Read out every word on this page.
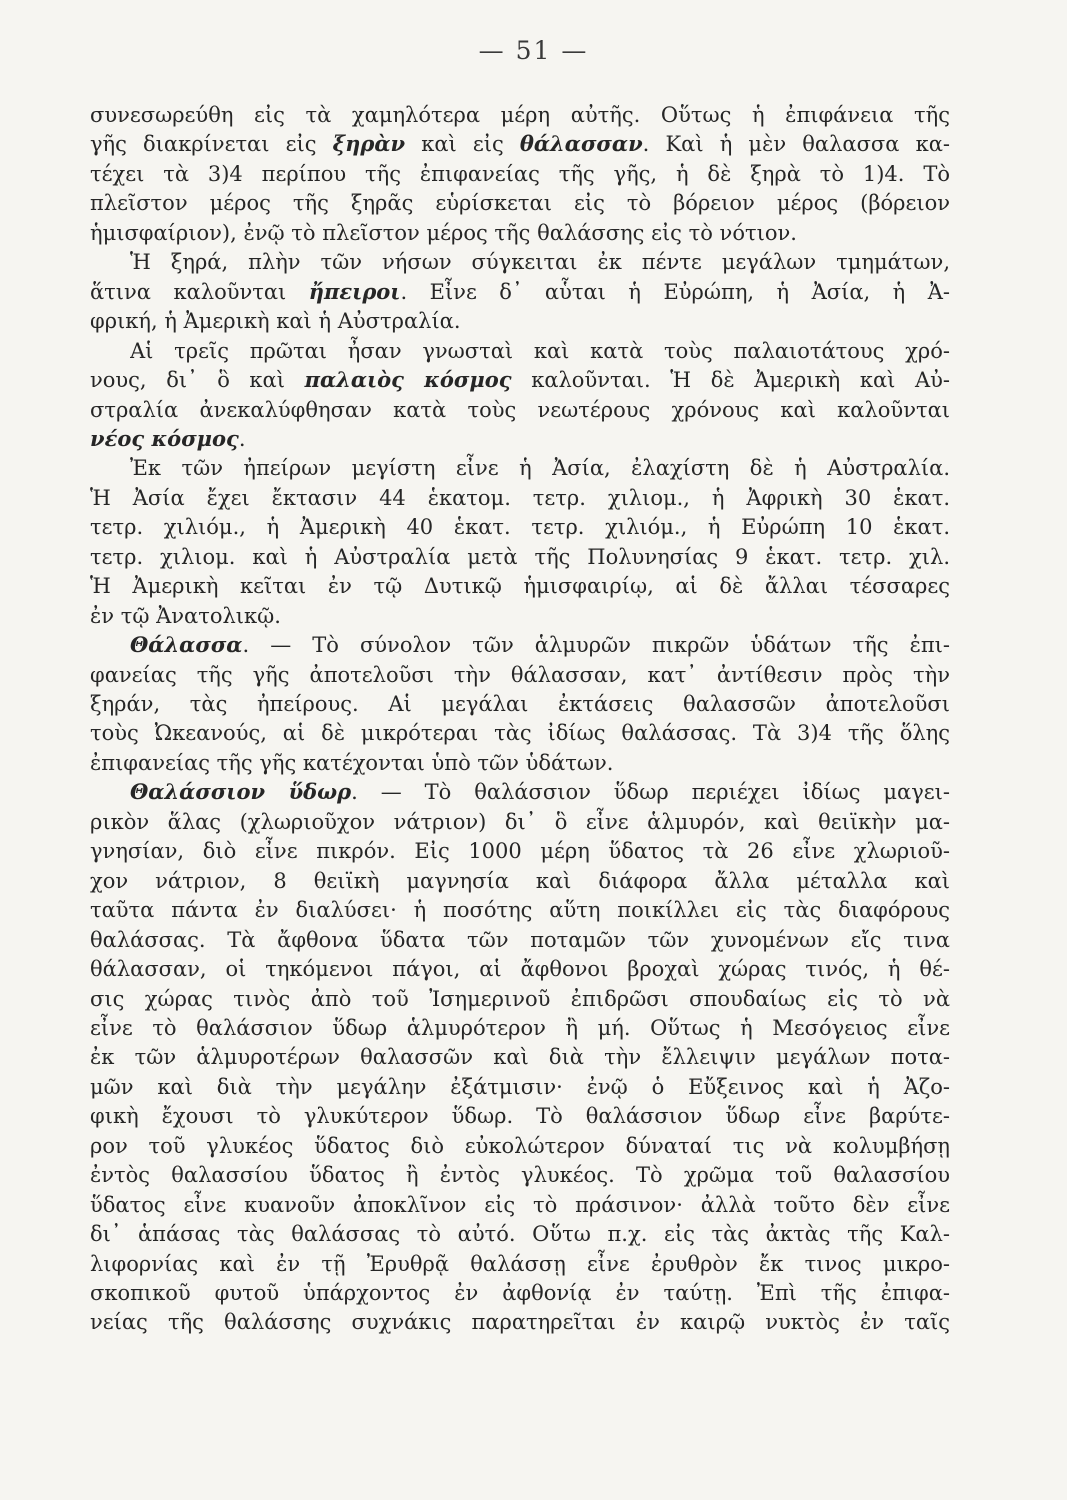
— 51 —
συνεσωρεύθη εἰς τὰ χαμηλότερα μέρη αὐτῆς. Οὕτως ἡ ἐπιφάνεια τῆς
γῆς διακρίνεται εἰς ξηρὰν καὶ εἰς θάλασσαν. Καὶ ἡ μὲν θαλασσα κα-
τέχει τὰ 3)4 περίπου τῆς ἐπιφανείας τῆς γῆς, ἡ δὲ ξηρὰ τὸ 1)4. Τὸ
πλεῖστον μέρος τῆς ξηρᾶς εὑρίσκεται εἰς τὸ βόρειον μέρος (βόρειον
ἡμισφαίριον), ἐνῷ τὸ πλεῖστον μέρος τῆς θαλάσσης εἰς τὸ νότιον.
Ἡ ξηρά, πλὴν τῶν νήσων σύγκειται ἐκ πέντε μεγάλων τμημάτων,
ἅτινα καλοῦνται ἤπειροι. Εἶνε δ᾽ αὗται ἡ Εὐρώπη, ἡ Ἀσία, ἡ Ἀ-
φρική, ἡ Ἀμερικὴ καὶ ἡ Αὐστραλία.
Αἱ τρεῖς πρῶται ἦσαν γνωσταὶ καὶ κατὰ τοὺς παλαιοτάτους χρό-
νους, δι᾽ ὃ καὶ παλαιὸς κόσμος καλοῦνται. Ἡ δὲ Ἀμερικὴ καὶ Αὐ-
στραλία ἀνεκαλύφθησαν κατὰ τοὺς νεωτέρους χρόνους καὶ καλοῦνται
νέος κόσμος.
Ἐκ τῶν ἠπείρων μεγίστη εἶνε ἡ Ἀσία, ἐλαχίστη δὲ ἡ Αὐστραλία.
Ἡ Ἀσία ἔχει ἔκτασιν 44 ἑκατομ. τετρ. χιλιομ., ἡ Ἀφρικὴ 30 ἑκατ.
τετρ. χιλιόμ., ἡ Ἀμερικὴ 40 ἑκατ. τετρ. χιλιόμ., ἡ Εὐρώπη 10 ἑκατ.
τετρ. χιλιομ. καὶ ἡ Αὐστραλία μετὰ τῆς Πολυνησίας 9 ἑκατ. τετρ. χιλ.
Ἡ Ἀμερικὴ κεῖται ἐν τῷ Δυτικῷ ἡμισφαιρίῳ, αἱ δὲ ἄλλαι τέσσαρες
ἐν τῷ Ἀνατολικῷ.
Θάλασσα. — Τὸ σύνολον τῶν ἁλμυρῶν πικρῶν ὑδάτων τῆς ἐπι-
φανείας τῆς γῆς ἀποτελοῦσι τὴν θάλασσαν, κατ᾽ ἀντίθεσιν πρὸς τὴν
ξηράν, τὰς ἠπείρους. Αἱ μεγάλαι ἐκτάσεις θαλασσῶν ἀποτελοῦσι
τοὺς Ὠκεανούς, αἱ δὲ μικρότεραι τὰς ἰδίως θαλάσσας. Τὰ 3)4 τῆς ὅλης
ἐπιφανείας τῆς γῆς κατέχονται ὑπὸ τῶν ὑδάτων.
Θαλάσσιον ὕδωρ. — Τὸ θαλάσσιον ὕδωρ περιέχει ἰδίως μαγει-
ρικὸν ἅλας (χλωριοῦχον νάτριον) δι᾽ ὃ εἶνε ἁλμυρόν, καὶ θειϊκὴν μα-
γνησίαν, διὸ εἶνε πικρόν. Εἰς 1000 μέρη ὕδατος τὰ 26 εἶνε χλωριοῦ-
χον νάτριον, 8 θειϊκὴ μαγνησία καὶ διάφορα ἄλλα μέταλλα καὶ
ταῦτα πάντα ἐν διαλύσει· ἡ ποσότης αὕτη ποικίλλει εἰς τὰς διαφόρους
θαλάσσας. Τὰ ἄφθονα ὕδατα τῶν ποταμῶν τῶν χυνομένων εἴς τινα
θάλασσαν, οἱ τηκόμενοι πάγοι, αἱ ἄφθονοι βροχαὶ χώρας τινός, ἡ θέ-
σις χώρας τινὸς ἀπὸ τοῦ Ἰσημερινοῦ ἐπιδρῶσι σπουδαίως εἰς τὸ νὰ
εἶνε τὸ θαλάσσιον ὕδωρ ἁλμυρότερον ἢ μή. Οὕτως ἡ Μεσόγειος εἶνε
ἐκ τῶν ἁλμυροτέρων θαλασσῶν καὶ διὰ τὴν ἔλλειψιν μεγάλων ποτα-
μῶν καὶ διὰ τὴν μεγάλην ἐξάτμισιν· ἐνῷ ὁ Εὔξεινος καὶ ἡ Ἀζο-
φικὴ ἔχουσι τὸ γλυκύτερον ὕδωρ. Τὸ θαλάσσιον ὕδωρ εἶνε βαρύτε-
ρον τοῦ γλυκέος ὕδατος διὸ εὐκολώτερον δύναταί τις νὰ κολυμβήσῃ
ἐντὸς θαλασσίου ὕδατος ἢ ἐντὸς γλυκέος. Τὸ χρῶμα τοῦ θαλασσίου
ὕδατος εἶνε κυανοῦν ἀποκλῖνον εἰς τὸ πράσινον· ἀλλὰ τοῦτο δὲν εἶνε
δι᾽ ἁπάσας τὰς θαλάσσας τὸ αὐτό. Οὕτω π.χ. εἰς τὰς ἀκτὰς τῆς Καλ-
λιφορνίας καὶ ἐν τῇ Ἐρυθρᾷ θαλάσσῃ εἶνε ἐρυθρὸν ἔκ τινος μικρο-
σκοπικοῦ φυτοῦ ὑπάρχοντος ἐν ἀφθονίᾳ ἐν ταύτῃ. Ἐπὶ τῆς ἐπιφα-
νείας τῆς θαλάσσης συχνάκις παρατηρεῖται ἐν καιρῷ νυκτὸς ἐν ταῖς
